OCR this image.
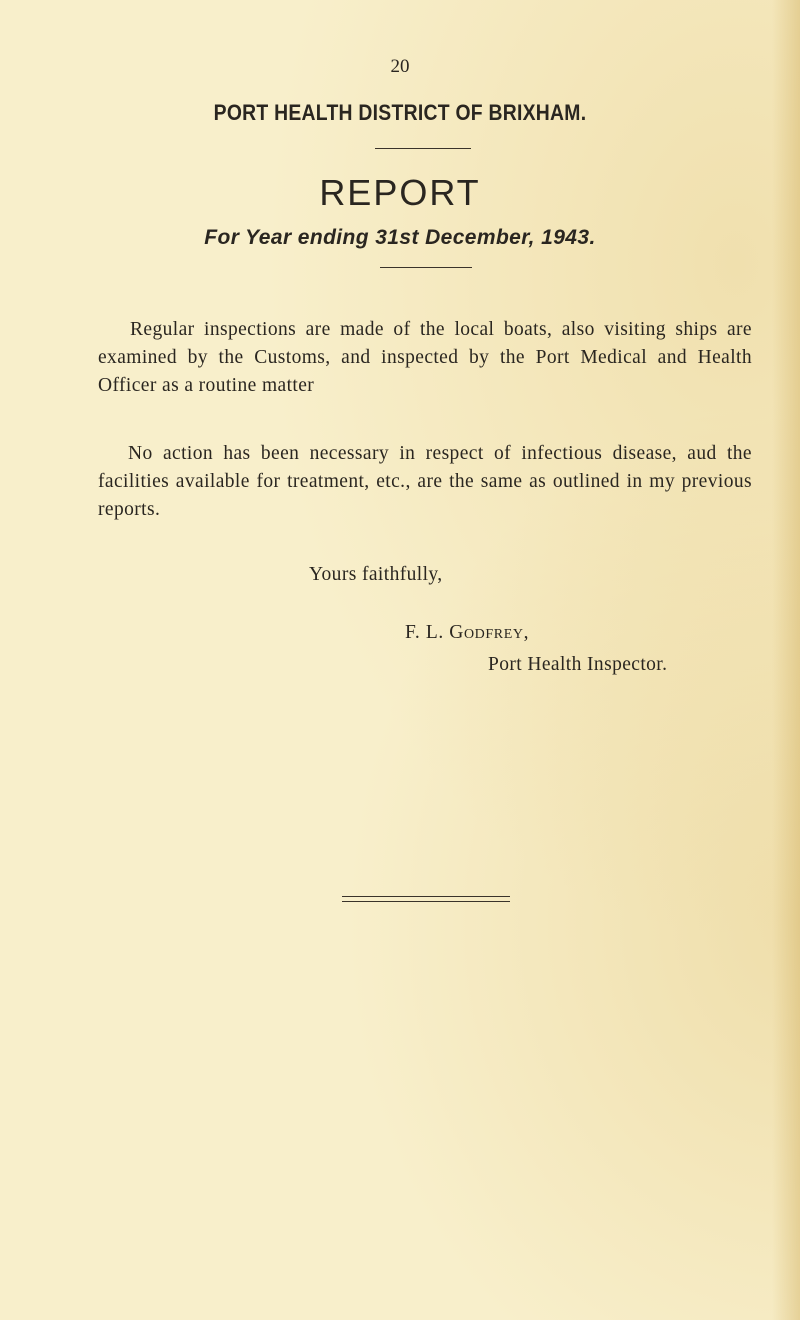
20
PORT HEALTH DISTRICT OF BRIXHAM.
REPORT
For Year ending 31st December, 1943.

Regular inspections are made of the local boats, also visiting ships are examined by the Customs, and inspected by the Port Medical and Health Officer as a routine matter

No action has been necessary in respect of infectious disease, aud the facilities available for treatment, etc., are the same as outlined in my previous reports.

Yours faithfully,
F. L. Godfrey,
Port Health Inspector.
